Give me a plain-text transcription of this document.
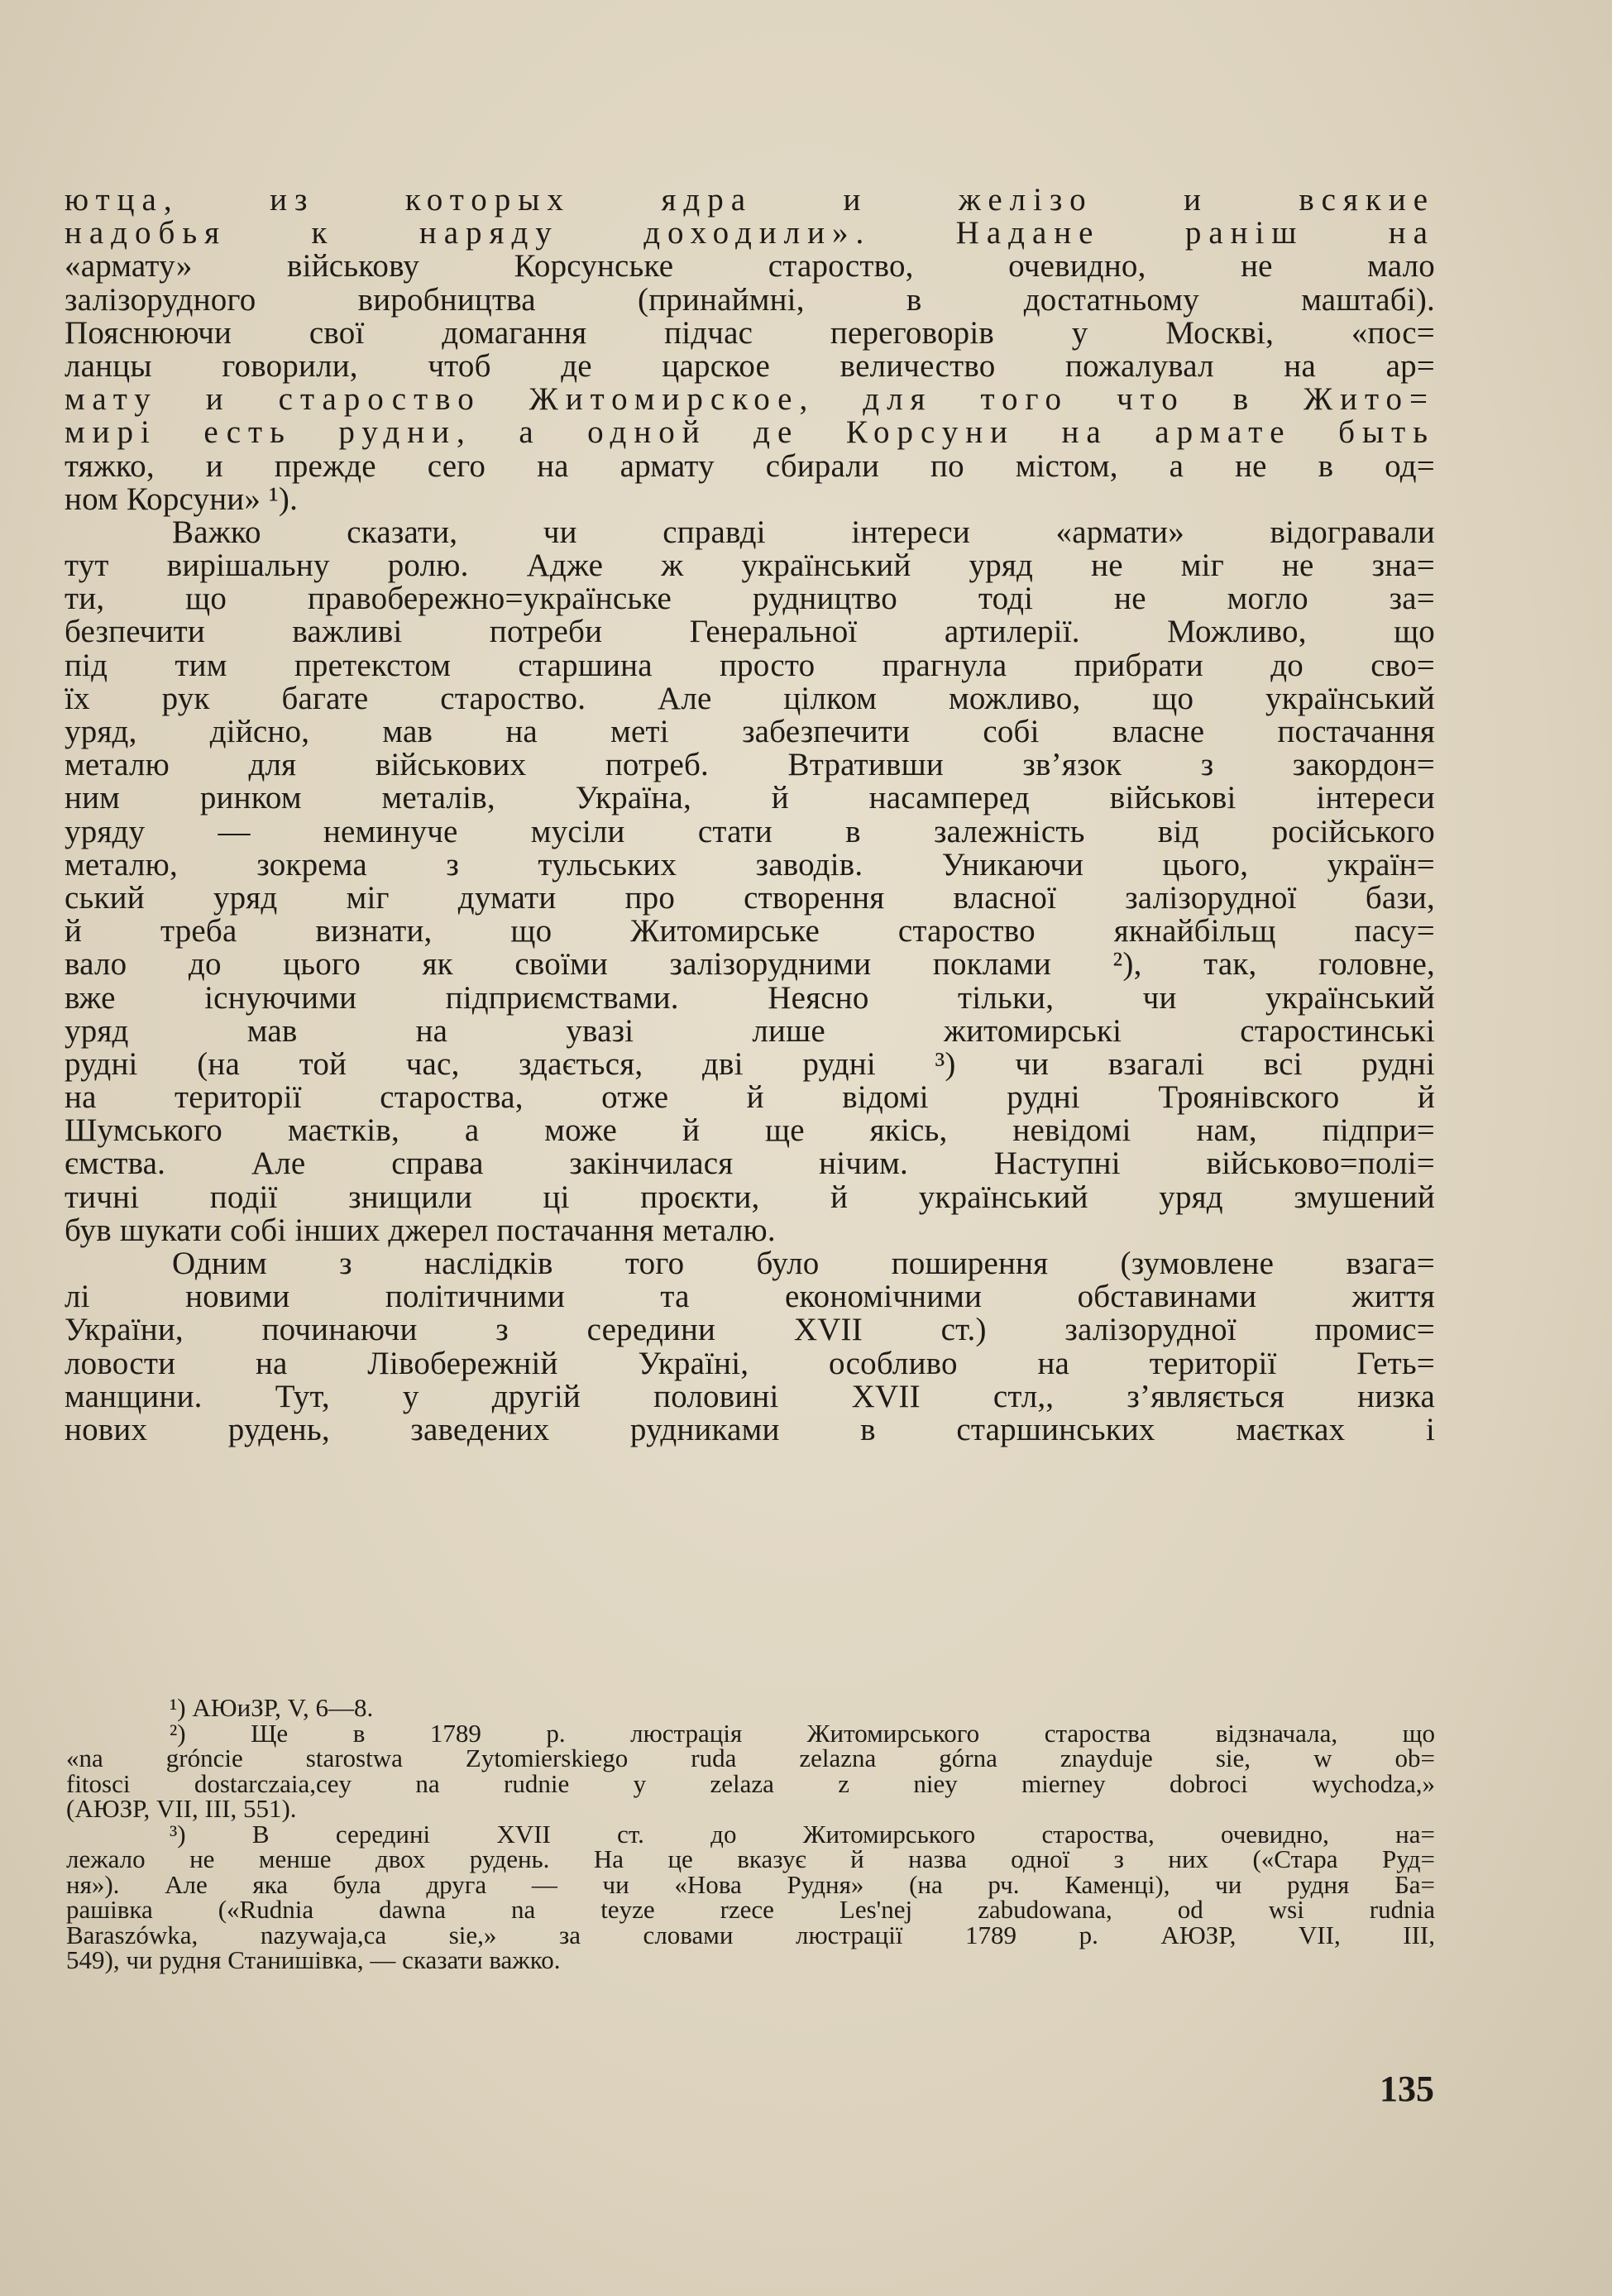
ютца, из которых ядра и желізо и всякие
надобья к наряду доходили». Надане раніш на
«армату» військову Корсунське староство, очевидно, не мало
залізорудного виробництва (принаймні, в достатньому маштабі).
Пояснюючи свої домагання підчас переговорів у Москві, «пос=
ланцы говорили, чтоб де царское величество пожалувал на ар=
мату и староство Житомирское, для того что в Жито=
мирі есть рудни, а одной де Корсуни на армате быть
тяжко, и прежде сего на армату сбирали по містом, а не в од=
ном Корсуни» ¹).
Важко сказати, чи справді інтереси «армати» відогравали
тут вирішальну ролю. Адже ж український уряд не міг не зна=
ти, що правобережно=українське рудництво тоді не могло за=
безпечити важливі потреби Генеральної артилерії. Можливо, що
під тим претекстом старшина просто прагнула прибрати до сво=
їх рук багате староство. Але цілком можливо, що український
уряд, дійсно, мав на меті забезпечити собі власне постачання
металю для військових потреб. Втративши звʼязок з закордон=
ним ринком металів, Україна, й насамперед військові інтереси
уряду — неминуче мусіли стати в залежність від російського
металю, зокрема з тульських заводів. Уникаючи цього, україн=
ський уряд міг думати про створення власної залізорудної бази,
й треба визнати, що Житомирське староство якнайбільщ пасу=
вало до цього як своїми залізорудними поклами ²), так, головне,
вже існуючими підприємствами. Неясно тільки, чи український
уряд мав на увазі лише житомирські старостинські
рудні (на той час, здається, дві рудні ³) чи взагалі всі рудні
на території староства, отже й відомі рудні Троянівского й
Шумського маєтків, а може й ще якісь, невідомі нам, підпри=
ємства. Але справа закінчилася нічим. Наступні військово=полі=
тичні події знищили ці проєкти, й український уряд змушений
був шукати собі інших джерел постачання металю.
Одним з наслідків того було поширення (зумовлене взага=
лі новими політичними та економічними обставинами життя
України, починаючи з середини XVII ст.) залізорудної промис=
ловости на Лівобережній Україні, особливо на території Геть=
манщини. Тут, у другій половині XVII стл,, зʼявляється низка
нових рудень, заведених рудниками в старшинських маєтках і
¹) АЮиЗР, V, 6—8.
²) Ще в 1789 р. люстрація Житомирського староства відзначала, що
«na gróncie starostwa Zytomierskiego ruda zelazna górna znayduje sie, w ob=
fitosci dostarczaia,cey na rudnie y zelaza z niey mierney dobroci wychodza,»
(АЮЗР, VII, III, 551).
³) В середині XVII ст. до Житомирського староства, очевидно, на=
лежало не менше двох рудень. На це вказує й назва одної з них («Стара Руд=
ня»). Але яка була друга — чи «Нова Рудня» (на рч. Каменці), чи рудня Ба=
рашівка («Rudnia dawna na teyze rzece Les'nej zabudowana, od wsi rudnia
Baraszówka, nazywaja,ca sie,» за словами люстрації 1789 р. АЮЗР, VII, III,
549), чи рудня Станишівка, — сказати важко.
135
